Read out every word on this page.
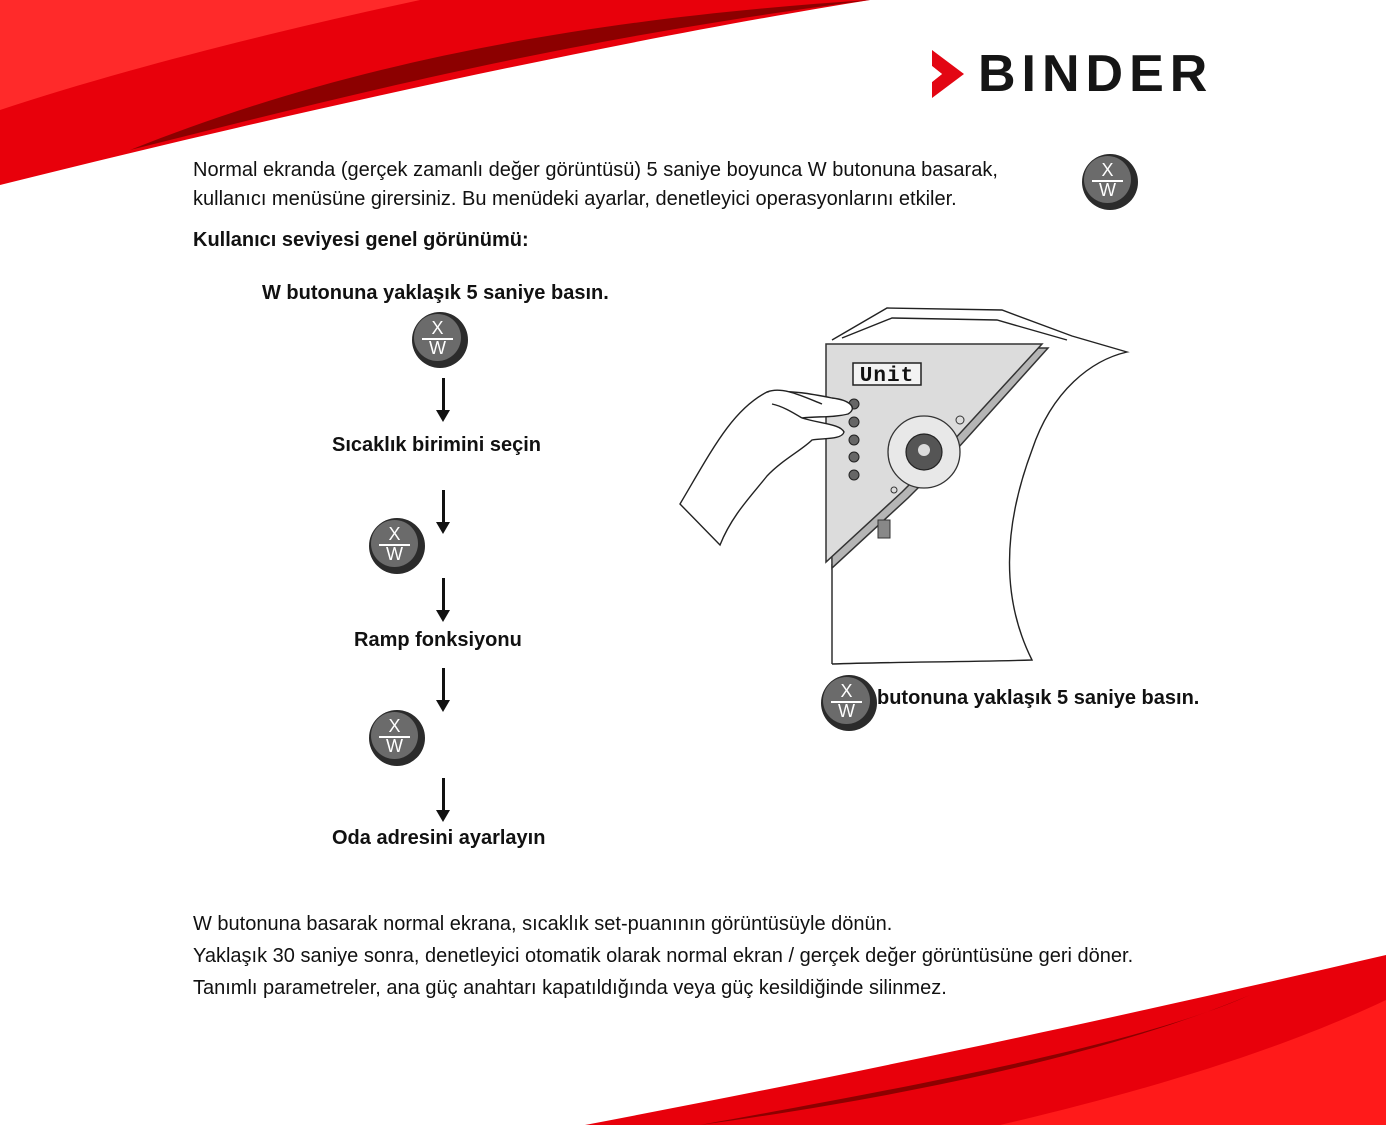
BINDER

Normal ekranda (gerçek zamanlı değer görüntüsü) 5 saniye boyunca W butonuna basarak,
kullanıcı menüsüne girersiniz. Bu menüdeki ayarlar, denetleyici operasyonlarını etkiler.

X
W

Kullanıcı seviyesi genel görünümü:

W butonuna yaklaşık 5 saniye basın.
X
W
Sıcaklık birimini seçin
X
W
Ramp fonksiyonu
X
W
Oda adresini ayarlayın
Unit
X
W
butonuna yaklaşık 5 saniye basın.

W butonuna basarak normal ekrana, sıcaklık set-puanının görüntüsüyle dönün.
Yaklaşık 30 saniye sonra, denetleyici otomatik olarak normal ekran / gerçek değer görüntüsüne geri döner.
Tanımlı parametreler, ana güç anahtarı kapatıldığında veya güç kesildiğinde silinmez.
